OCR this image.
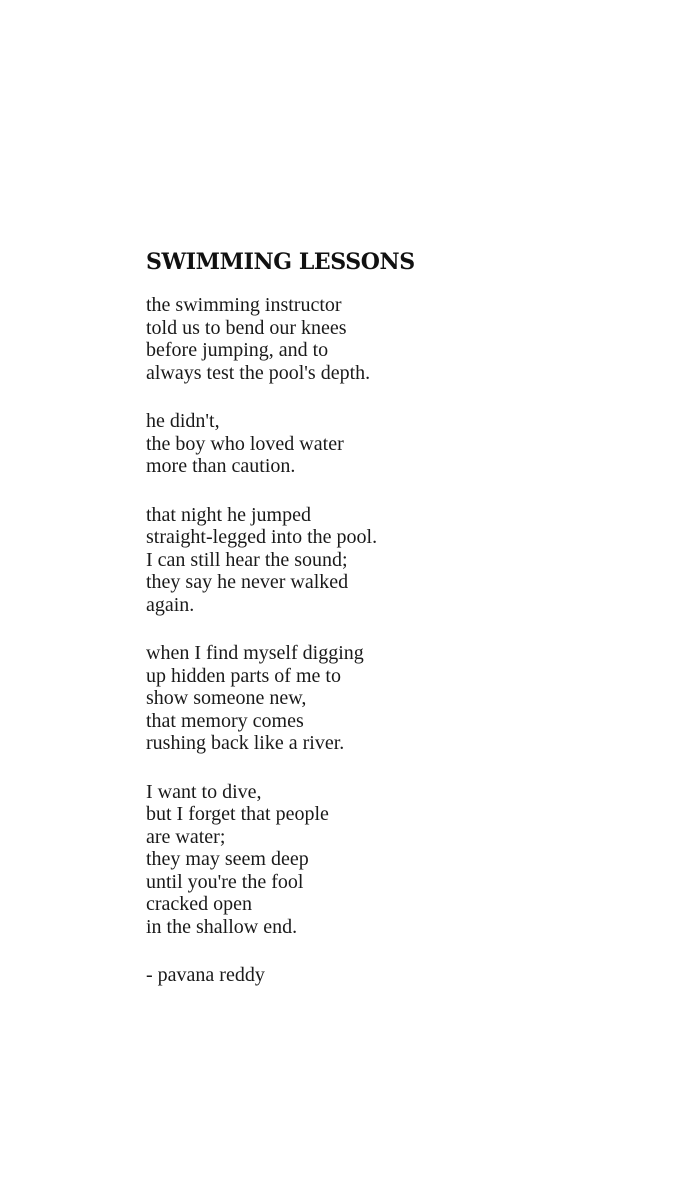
SWIMMING LESSONS
the swimming instructor
told us to bend our knees
before jumping, and to
always test the pool's depth.
he didn't,
the boy who loved water
more than caution.
that night he jumped
straight-legged into the pool.
I can still hear the sound;
they say he never walked
again.
when I find myself digging
up hidden parts of me to
show someone new,
that memory comes
rushing back like a river.
I want to dive,
but I forget that people
are water;
they may seem deep
until you're the fool
cracked open
in the shallow end.
- pavana reddy
